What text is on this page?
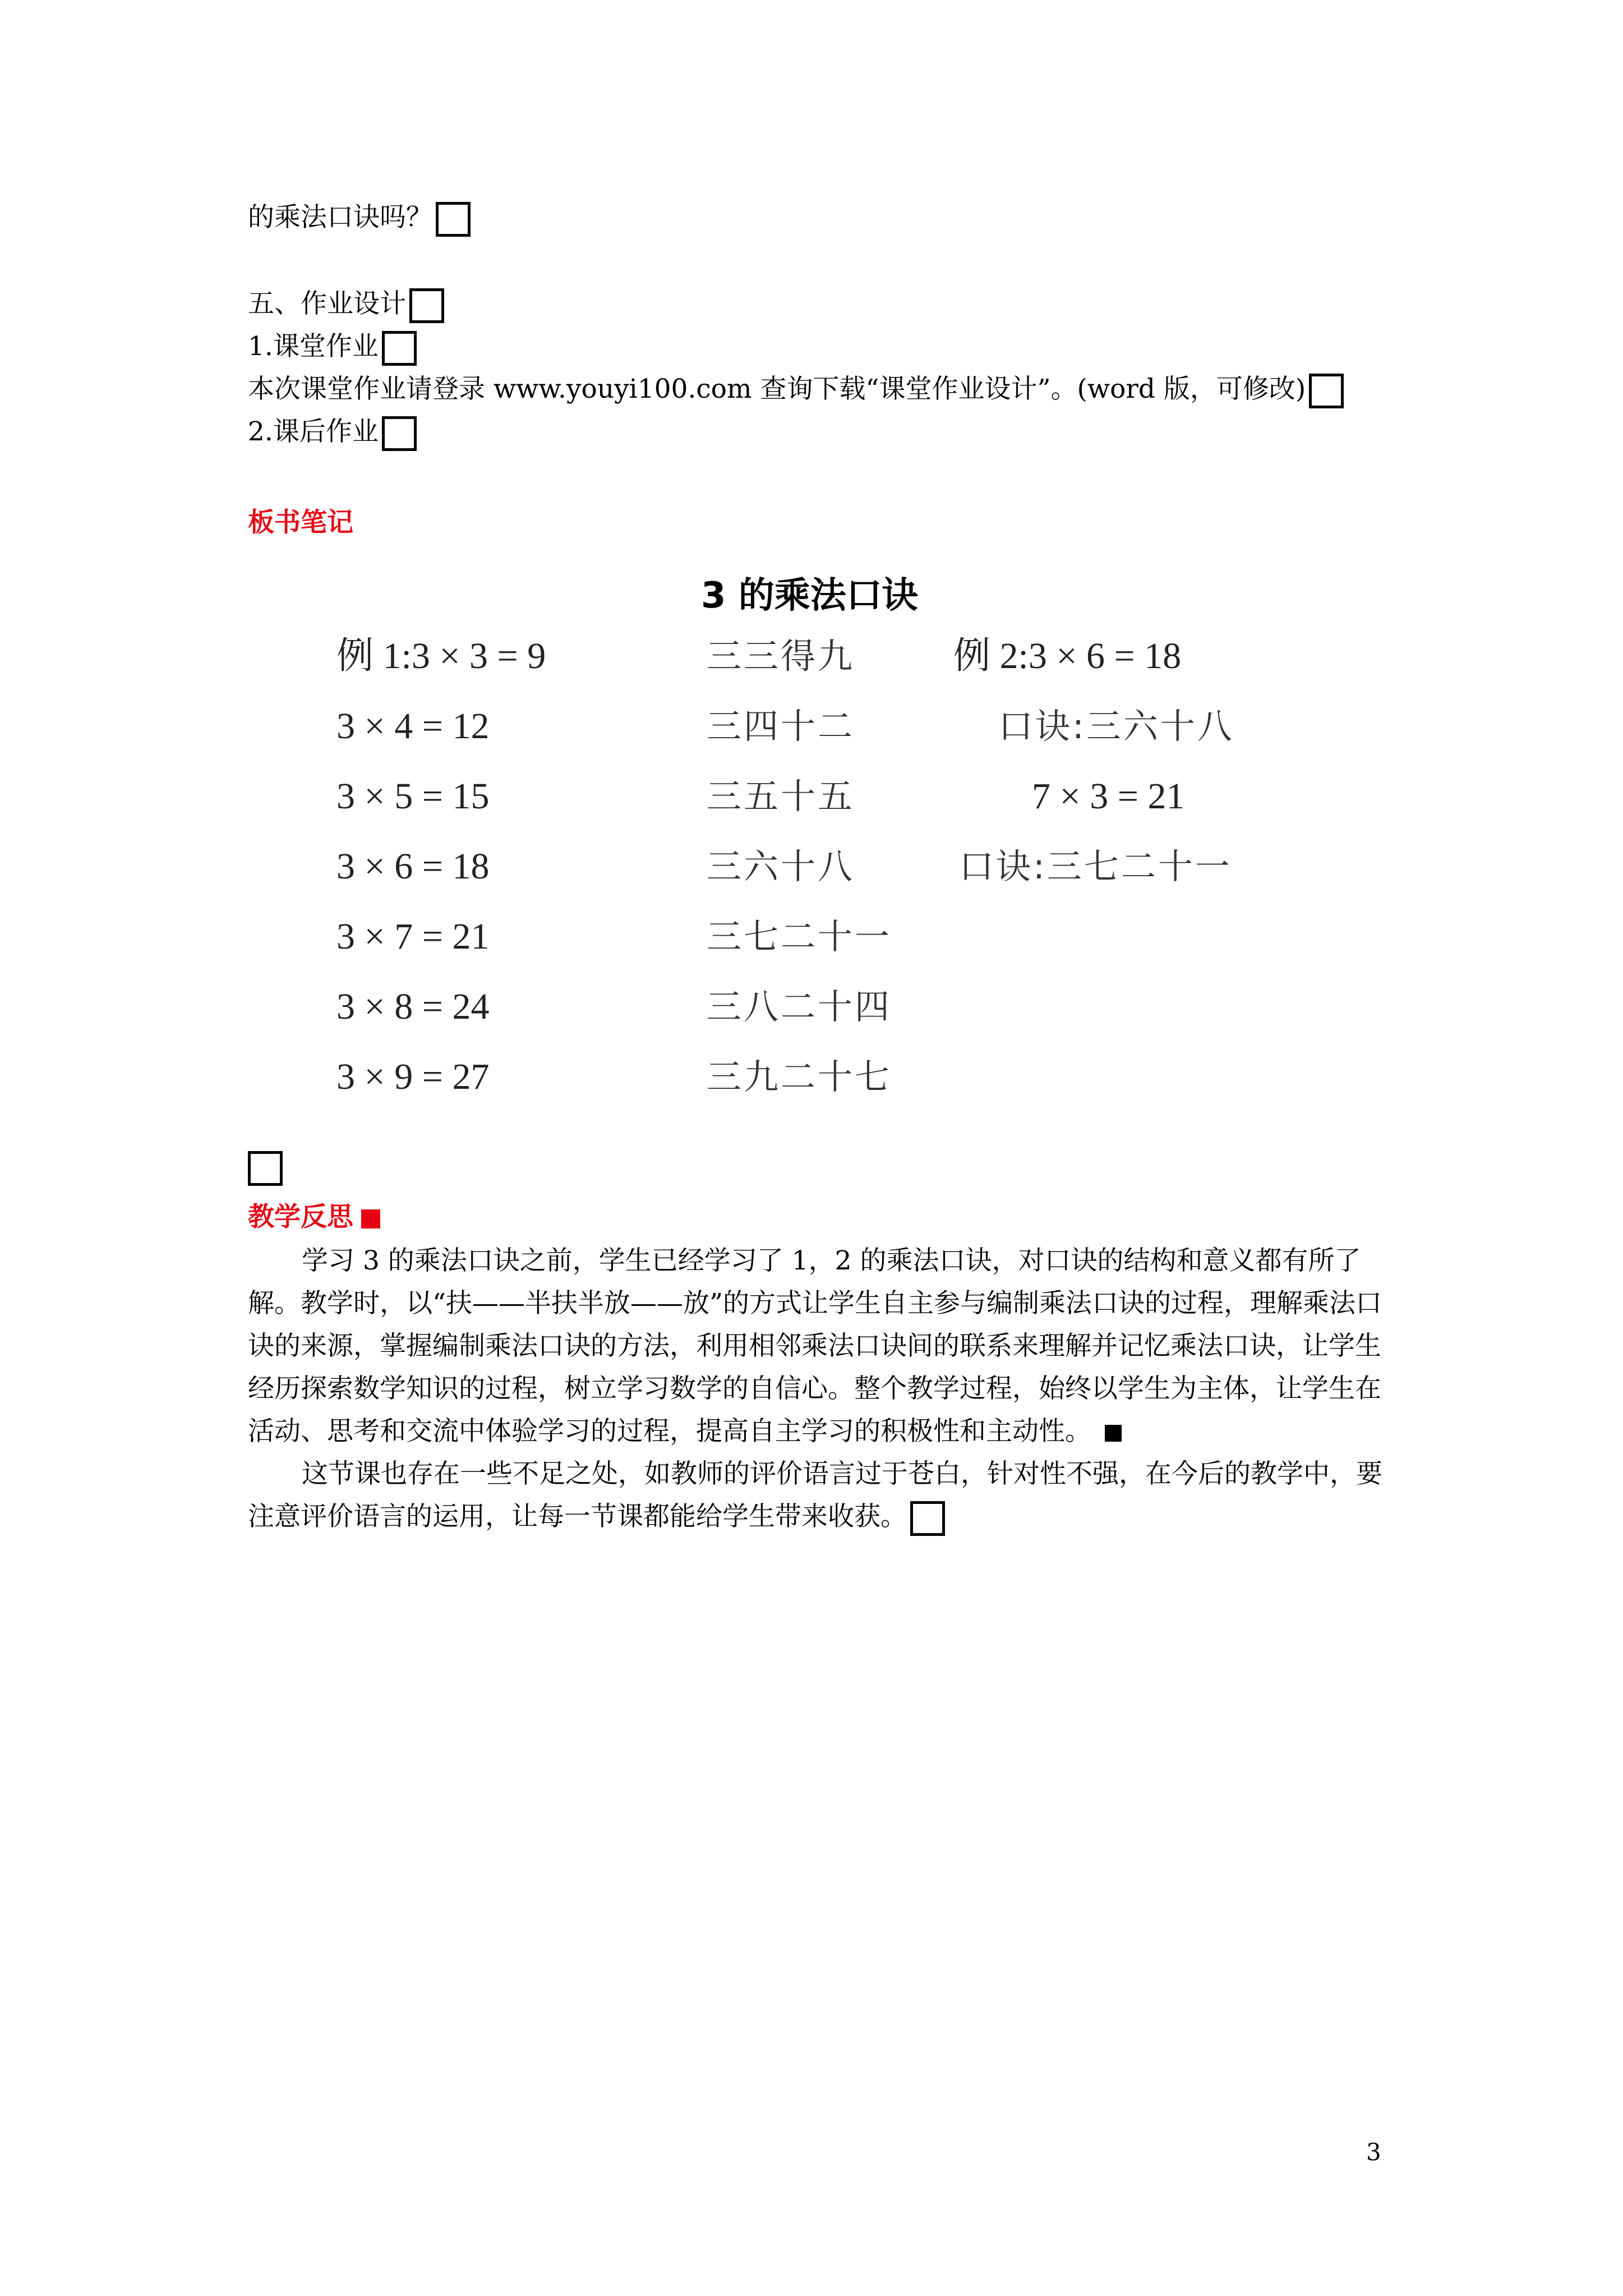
的乘法口诀吗？
五、作业设计
1.课堂作业
本次课堂作业请登录 www.youyi100.com 查询下载“课堂作业设计”。(word 版，可修改)
2.课后作业
板书笔记
3 的乘法口诀
例 1:3 × 3 = 9
3 × 4 = 12
3 × 5 = 15
3 × 6 = 18
3 × 7 = 21
3 × 8 = 24
3 × 9 = 27
三三得九
三四十二
三五十五
三六十八
三七二十一
三八二十四
三九二十七
例 2:3 × 6 = 18
口诀:三六十八
7 × 3 = 21
口诀:三七二十一
教学反思

学习 3 的乘法口诀之前，学生已经学习了 1，2 的乘法口诀，对口诀的结构和意义都有所了解。教学时，以“扶——半扶半放——放”的方式让学生自主参与编制乘法口诀的过程，理解乘法口诀的来源，掌握编制乘法口诀的方法，利用相邻乘法口诀间的联系来理解并记忆乘法口诀，让学生经历探索数学知识的过程，树立学习数学的自信心。整个教学过程，始终以学生为主体，让学生在活动、思考和交流中体验学习的过程，提高自主学习的积极性和主动性。

这节课也存在一些不足之处，如教师的评价语言过于苍白，针对性不强，在今后的教学中，要注意评价语言的运用，让每一节课都能给学生带来收获。

3
